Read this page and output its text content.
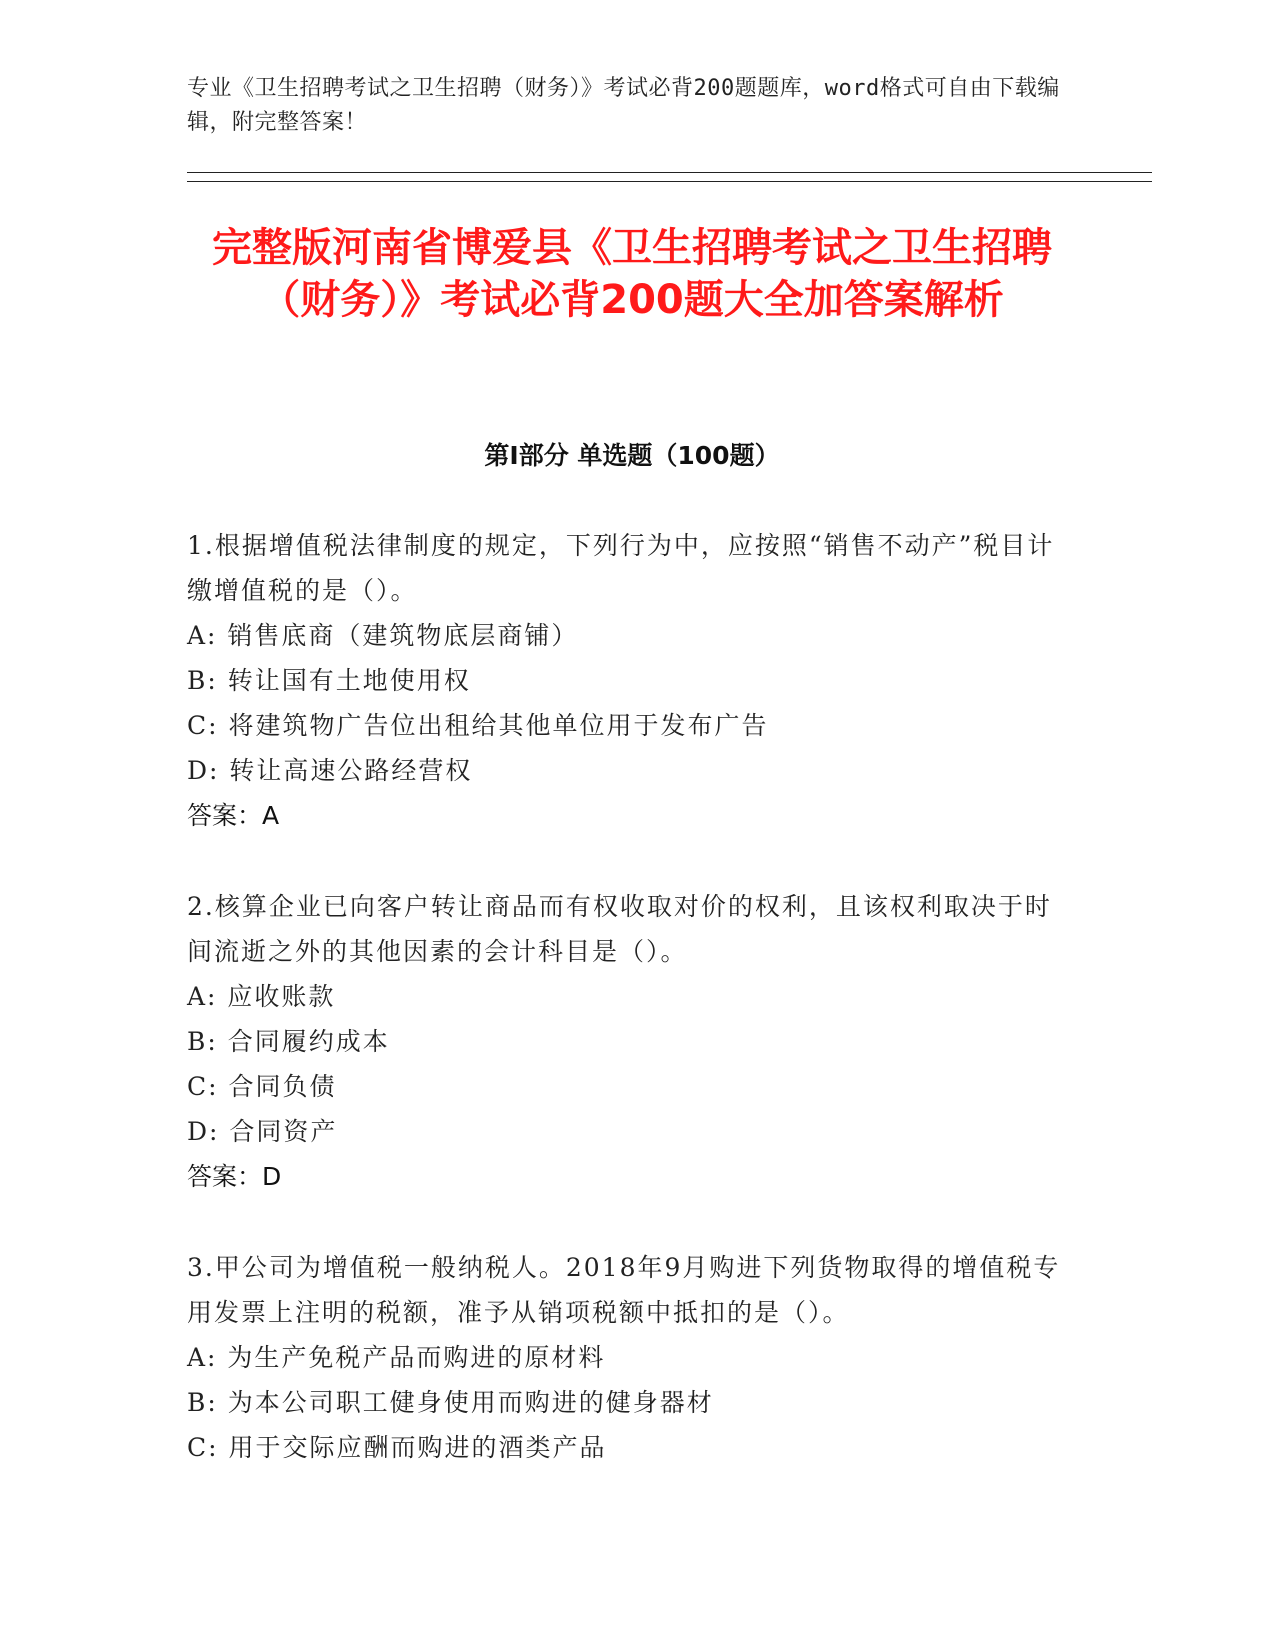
专业《卫生招聘考试之卫生招聘（财务）》考试必背200题题库，word格式可自由下载编辑，附完整答案！
完整版河南省博爱县《卫生招聘考试之卫生招聘（财务）》考试必背200题大全加答案解析
第I部分 单选题（100题）

1.根据增值税法律制度的规定，下列行为中，应按照“销售不动产”税目计缴增值税的是（）。

A: 销售底商（建筑物底层商铺）

B: 转让国有土地使用权

C: 将建筑物广告位出租给其他单位用于发布广告

D: 转让高速公路经营权

答案：A

2.核算企业已向客户转让商品而有权收取对价的权利，且该权利取决于时间流逝之外的其他因素的会计科目是（）。

A: 应收账款

B: 合同履约成本

C: 合同负债

D: 合同资产

答案：D

3.甲公司为增值税一般纳税人。2018年9月购进下列货物取得的增值税专用发票上注明的税额，准予从销项税额中抵扣的是（）。

A: 为生产免税产品而购进的原材料

B: 为本公司职工健身使用而购进的健身器材

C: 用于交际应酬而购进的酒类产品
